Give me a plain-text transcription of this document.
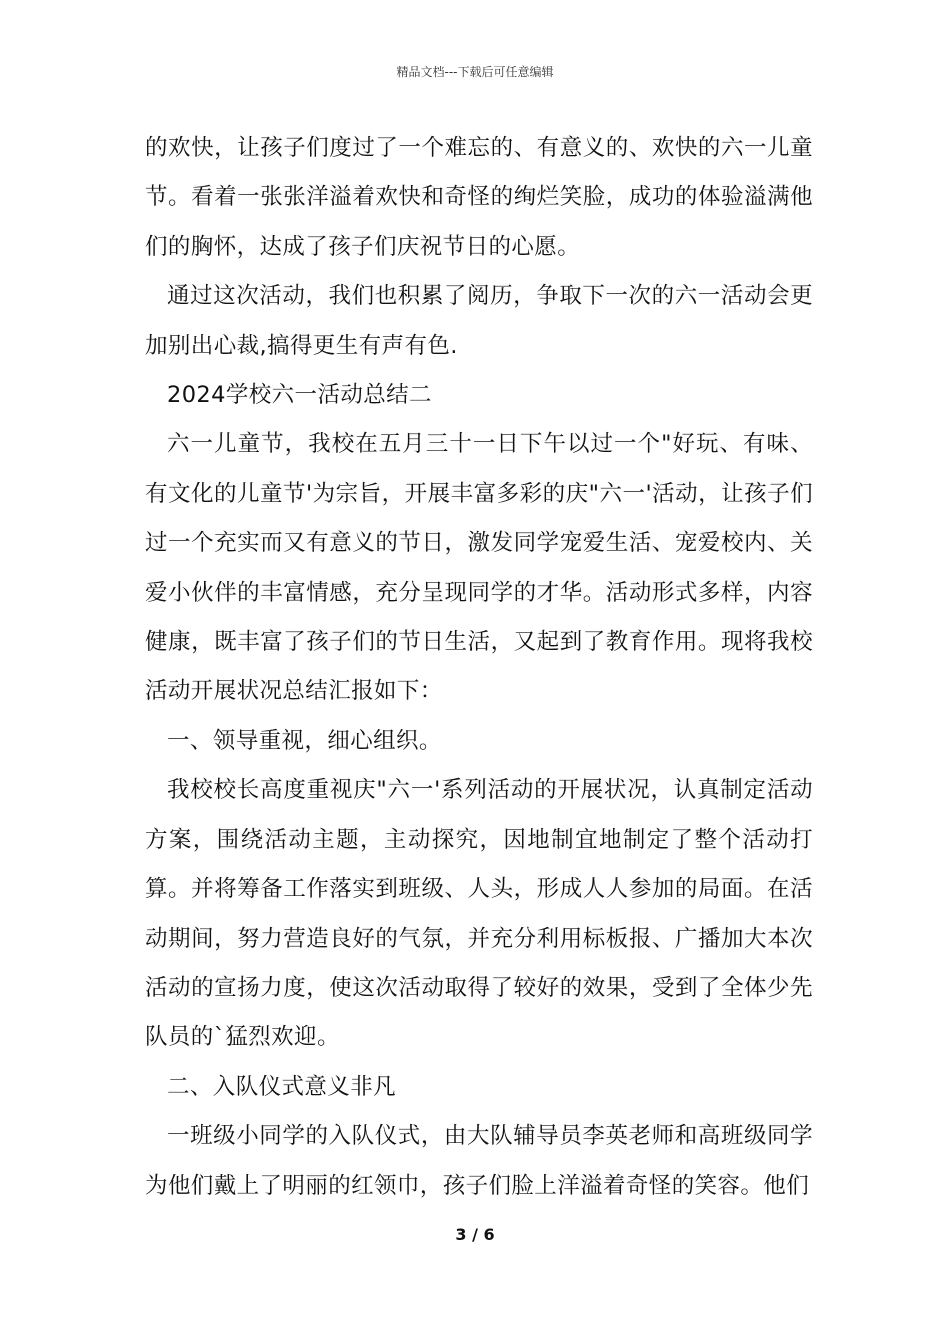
精品文档---下载后可任意编辑

的欢快，让孩子们度过了一个难忘的、有意义的、欢快的六一儿童节。看着一张张洋溢着欢快和奇怪的绚烂笑脸，成功的体验溢满他们的胸怀，达成了孩子们庆祝节日的心愿。

通过这次活动，我们也积累了阅历，争取下一次的六一活动会更加别出心裁,搞得更生有声有色.

2024学校六一活动总结二

六一儿童节，我校在五月三十一日下午以过一个"好玩、有味、有文化的儿童节'为宗旨，开展丰富多彩的庆"六一'活动，让孩子们过一个充实而又有意义的节日，激发同学宠爱生活、宠爱校内、关爱小伙伴的丰富情感，充分呈现同学的才华。活动形式多样，内容健康，既丰富了孩子们的节日生活，又起到了教育作用。现将我校活动开展状况总结汇报如下：

一、领导重视，细心组织。

我校校长高度重视庆"六一'系列活动的开展状况，认真制定活动方案，围绕活动主题，主动探究，因地制宜地制定了整个活动打算。并将筹备工作落实到班级、人头，形成人人参加的局面。在活动期间，努力营造良好的气氛，并充分利用标板报、广播加大本次活动的宣扬力度，使这次活动取得了较好的效果，受到了全体少先队员的`猛烈欢迎。

二、入队仪式意义非凡

一班级小同学的入队仪式，由大队辅导员李英老师和高班级同学为他们戴上了明丽的红领巾，孩子们脸上洋溢着奇怪的笑容。他们

3 / 6
